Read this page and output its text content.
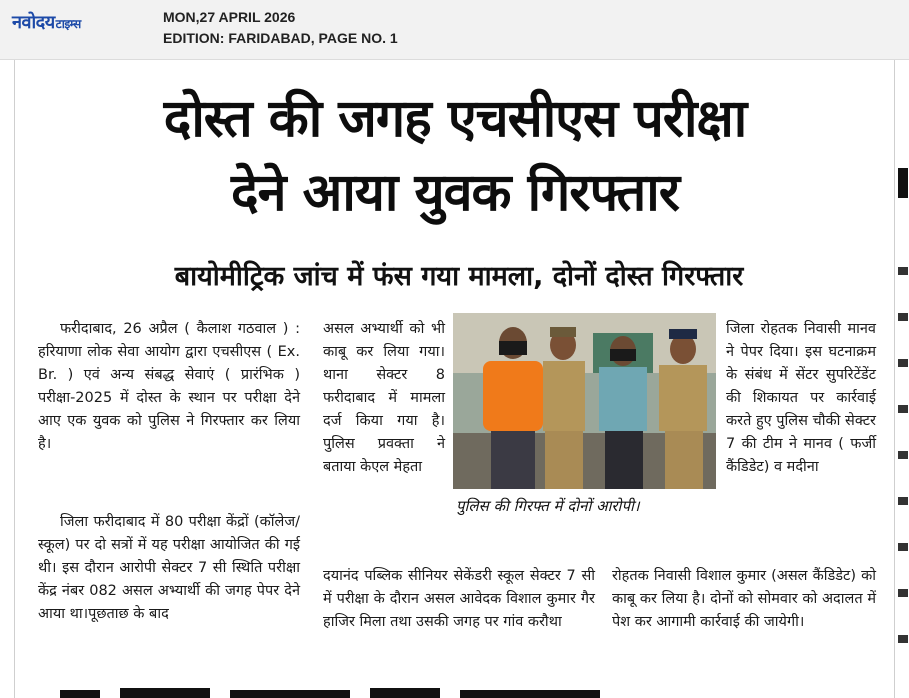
नवोदयटाइम्स	MON,27 APRIL 2026
EDITION: FARIDABAD, PAGE NO. 1
दोस्त की जगह एचसीएस परीक्षा
देने आया युवक गिरफ्तार
बायोमीट्रिक जांच में फंस गया मामला, दोनों दोस्त गिरफ्तार

फरीदाबाद, 26 अप्रैल ( कैलाश गठवाल ) : हरियाणा लोक सेवा आयोग द्वारा एचसीएस ( Ex. Br. ) एवं अन्य संबद्ध सेवाएं ( प्रारंभिक ) परीक्षा-2025 में दोस्त के स्थान पर परीक्षा देने आए एक युवक को पुलिस ने गिरफ्तार कर लिया है।

जिला फरीदाबाद में 80 परीक्षा केंद्रों (कॉलेज/स्कूल) पर दो सत्रों में यह परीक्षा आयोजित की गई थी। इस दौरान आरोपी सेक्टर 7 सी स्थिति परीक्षा केंद्र नंबर 082 असल अभ्यार्थी की जगह पेपर देने आया था।पूछताछ के बाद

असल अभ्यार्थी को भी काबू कर लिया गया। थाना सेक्टर 8 फरीदाबाद में मामला दर्ज किया गया है। पुलिस प्रवक्ता ने बताया केएल मेहता

पुलिस की गिरफ्त में दोनों आरोपी।

जिला रोहतक निवासी मानव ने पेपर दिया। इस घटनाक्रम के संबंध में सेंटर सुपरिटेंडेंट की शिकायत पर कार्रवाई करते हुए पुलिस चौकी सेक्टर 7 की टीम ने मानव ( फर्जी कैंडिडेट) व मदीना

दयानंद पब्लिक सीनियर सेकेंडरी स्कूल सेक्टर 7 सी में परीक्षा के दौरान असल आवेदक विशाल कुमार गैर हाजिर मिला तथा उसकी जगह पर गांव करौथा

रोहतक निवासी विशाल कुमार (असल कैंडिडेट) को काबू कर लिया है। दोनों को सोमवार को अदालत में पेश कर आगामी कार्रवाई की जायेगी।
